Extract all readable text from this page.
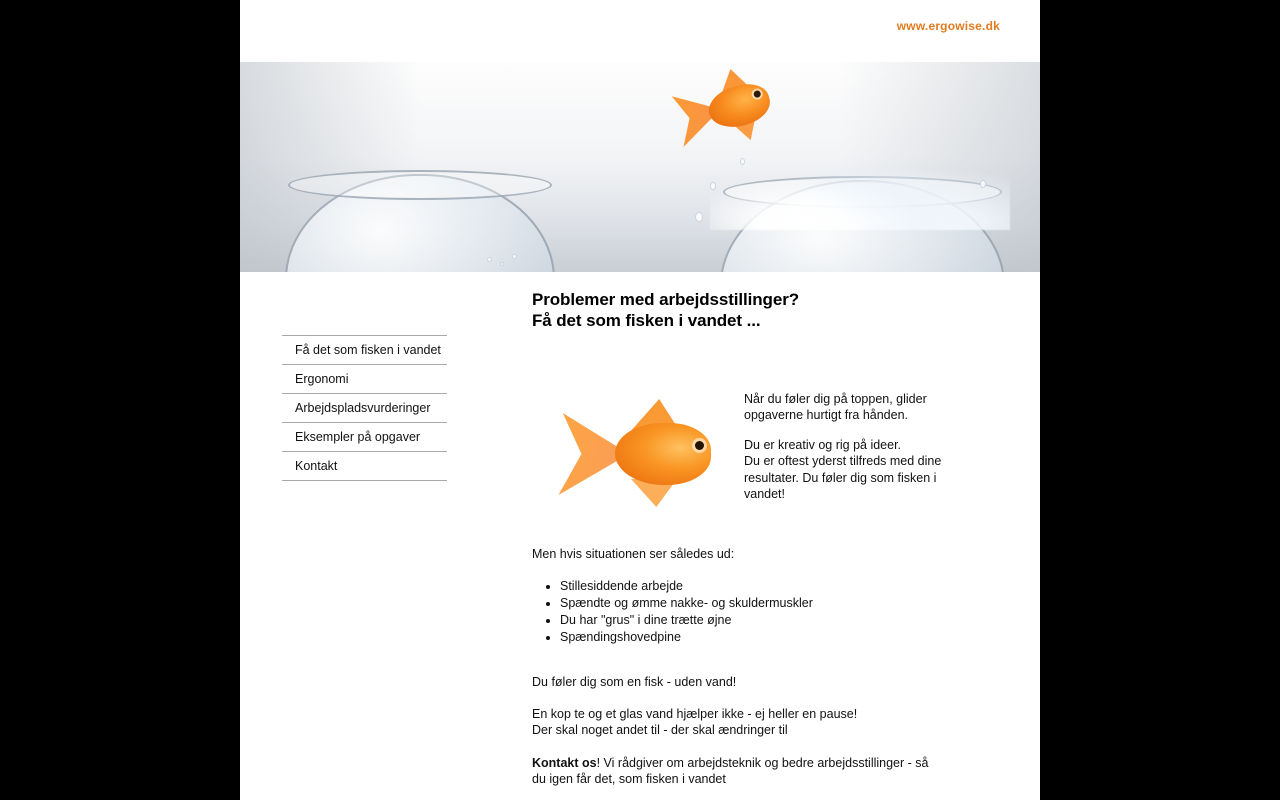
www.ergowise.dk
Få det som fisken i vandet
Ergonomi
Arbejdspladsvurderinger
Eksempler på opgaver
Kontakt
Problemer med arbejdsstillinger?
Få det som fisken i vandet ...

Når du føler dig på toppen, glider opgaverne hurtigt fra hånden.

Du er kreativ og rig på ideer.
Du er oftest yderst tilfreds med dine resultater. Du føler dig som fisken i vandet!

Men hvis situationen ser således ud:

• Stillesiddende arbejde
• Spændte og ømme nakke- og skuldermuskler
• Du har "grus" i dine trætte øjne
• Spændingshovedpine

Du føler dig som en fisk - uden vand!

En kop te og et glas vand hjælper ikke - ej heller en pause!
Der skal noget andet til - der skal ændringer til

Kontakt os! Vi rådgiver om arbejdsteknik og bedre arbejdsstillinger - så
du igen får det, som fisken i vandet
